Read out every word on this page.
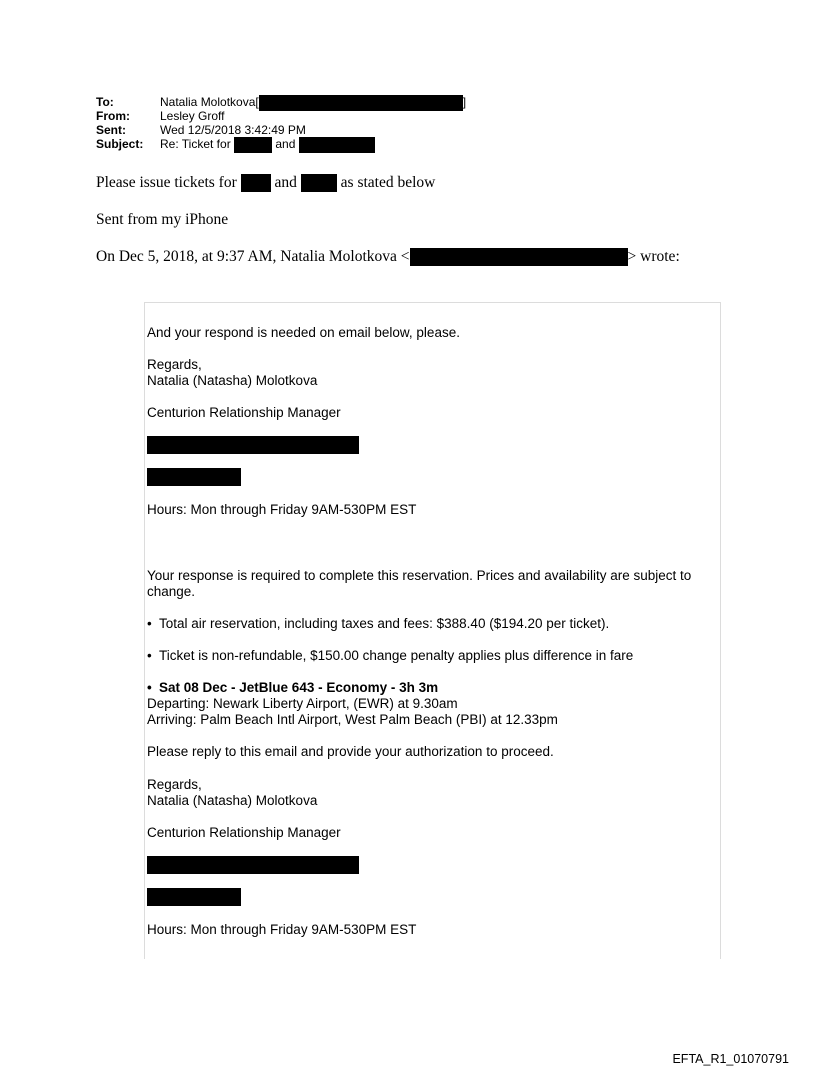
To:	Natalia Molotkova[	]
From:	Lesley Groff
Sent:	Wed 12/5/2018 3:42:49 PM
Subject:	Re: Ticket for	and
Please issue tickets for and	as stated below
Sent from my iPhone
On Dec 5, 2018, at 9:37 AM, Natalia Molotkova <	> wrote:
And your respond is needed on email below, please.
Regards,
Natalia (Natasha) Molotkova
Centurion Relationship Manager
Hours: Mon through Friday 9AM-530PM EST
Your response is required to complete this reservation. Prices and availability are subject to change.
• Total air reservation, including taxes and fees: $388.40 ($194.20 per ticket).
• Ticket is non-refundable, $150.00 change penalty applies plus difference in fare
• Sat 08 Dec - JetBlue 643 - Economy - 3h 3m
Departing: Newark Liberty Airport, (EWR) at 9.30am
Arriving: Palm Beach Intl Airport, West Palm Beach (PBI) at 12.33pm
Please reply to this email and provide your authorization to proceed.
Regards,
Natalia (Natasha) Molotkova
Centurion Relationship Manager
Hours: Mon through Friday 9AM-530PM EST
EFTA_R1_01070791
